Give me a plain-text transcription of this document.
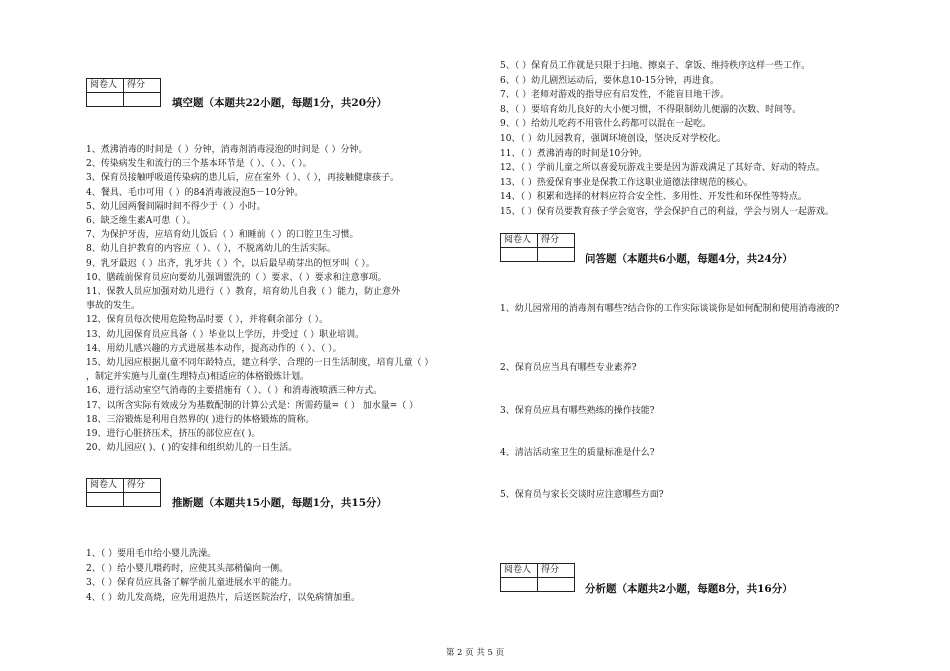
阅卷人	得分

填空题（本题共22小题，每题1分，共20分）
1、煮沸消毒的时间是（ ）分钟，消毒剂消毒浸泡的时间是（ ）分钟。
2、传染病发生和流行的三个基本环节是（ ）、（ ）、（ ）。
3、保育员接触呼吸道传染病的患儿后，应在室外（ ）、（ ），再接触健康孩子。
4、餐具、毛巾可用（ ）的84消毒液浸泡5－10分钟。
5、幼儿园两餐间隔时间不得少于（ ）小时。
6、缺乏维生素A可患（ ）。
7、为保护牙齿，应培育幼儿饭后（ ）和睡前（ ）的口腔卫生习惯。
8、幼儿自护教育的内容应（ ）、（ ），不脱离幼儿的生活实际。
9、乳牙最迟（ ）出齐，乳牙共（ ）个，以后最早萌芽出的恒牙叫（ ）。
10、膳疏前保育员应向要幼儿强调盥洗的（ ）要求、（ ）要求和注意事项。
11、保教人员应加强对幼儿进行（ ）教育，培育幼儿自我（ ）能力，防止意外
事故的发生。
12、保育员每次使用危险物品时要（ ），并将剩余部分（ ）。
13、幼儿园保育员应具备（ ）毕业以上学历，并受过（ ）职业培训。
14、用幼儿感兴趣的方式进展基本动作，提高动作的（ ）、（ ）。
15、幼儿园应根据儿童不同年龄特点，建立科学、合理的一日生活制度，培育儿童（ ）
，制定并实施与儿童(生理特点)相适应的体格锻炼计划。
16、进行活动室空气消毒的主要措施有（ ）、（ ）和消毒液喷洒三种方式。
17、以所含实际有效成分为基数配制的计算公式是：所需药量=（ ） 加水量=（ ）
18、三浴锻炼是利用自然界的( )进行的体格锻炼的简称。
19、进行心脏挤压术，挤压的部位应在( )。
20、幼儿园应( )、( )的安排和组织幼儿的一日生活。
阅卷人	得分

推断题（本题共15小题，每题1分，共15分）
1、（ ）要用毛巾给小婴儿洗澡。
2、（ ）给小婴儿喂药时，应使其头部稍偏向一侧。
3、（ ）保育员应具备了解学前儿童进展水平的能力。
4、（ ）幼儿发高烧，应先用退热片，后送医院治疗，以免病情加重。
5、（ ）保育员工作就是只限于扫地、擦桌子、拿饭、维持秩序这样一些工作。
6、（ ）幼儿剧烈运动后，要休息10-15分钟，再进食。
7、（ ）老师对游戏的指导应有启发性，不能盲目地干涉。
8、（ ）要培育幼儿良好的大小便习惯，不得限制幼儿便溺的次数、时间等。
9、（ ）给幼儿吃药不用管什么药都可以混在一起吃。
10、（ ）幼儿园教育，强调环境创设，坚决反对学校化。
11、（ ）煮沸消毒的时间是10分钟。
12、（ ）学前儿童之所以喜爱玩游戏主要是因为游戏满足了其好奇、好动的特点。
13、（ ）热爱保育事业是保教工作这职业道德法律规范的核心。
14、（ ）积累和选择的材料应符合安全性、多用性、开发性和环保性等特点。
15、（ ）保育员要教育孩子学会宽容，学会保护自己的利益，学会与别人一起游戏。
阅卷人	得分

问答题（本题共6小题，每题4分，共24分）
1、幼儿园常用的消毒剂有哪些?结合你的工作实际谈谈你是如何配制和使用消毒液的?
2、保育员应当具有哪些专业素养?
3、保育员应具有哪些熟练的操作技能?
4、清洁活动室卫生的质量标准是什么?
5、保育员与家长交谈时应注意哪些方面?
阅卷人	得分

分析题（本题共2小题，每题8分，共16分）
第 2 页 共 5 页
